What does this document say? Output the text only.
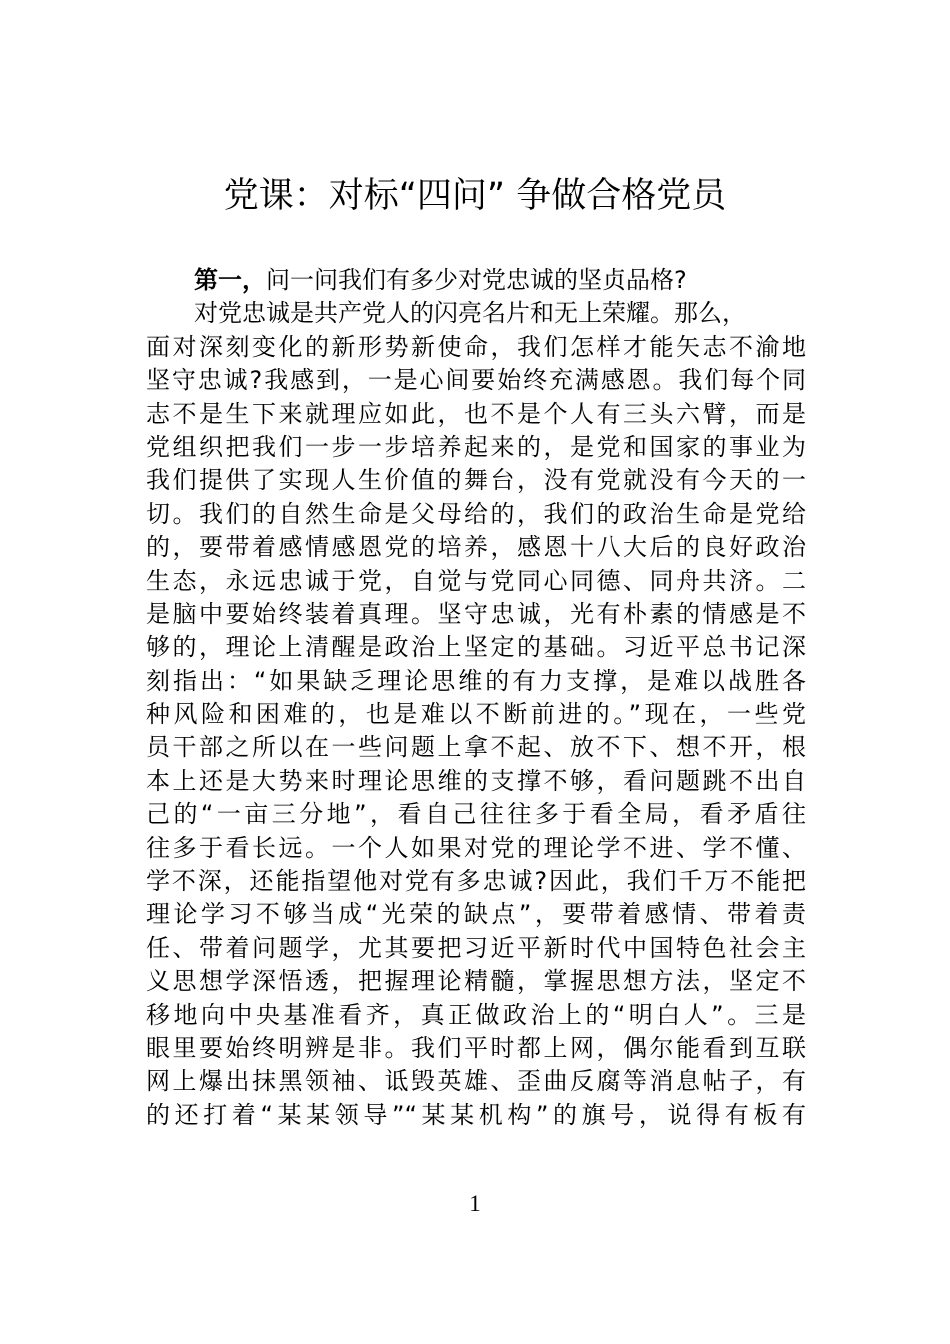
党课：对标“四问” 争做合格党员
第一，问一问我们有多少对党忠诚的坚贞品格?
对党忠诚是共产党人的闪亮名片和无上荣耀。那么，
面对深刻变化的新形势新使命，我们怎样才能矢志不渝地
坚守忠诚?我感到，一是心间要始终充满感恩。我们每个同
志不是生下来就理应如此，也不是个人有三头六臂，而是
党组织把我们一步一步培养起来的，是党和国家的事业为
我们提供了实现人生价值的舞台，没有党就没有今天的一
切。我们的自然生命是父母给的，我们的政治生命是党给
的，要带着感情感恩党的培养，感恩十八大后的良好政治
生态，永远忠诚于党，自觉与党同心同德、同舟共济。二
是脑中要始终装着真理。坚守忠诚，光有朴素的情感是不
够的，理论上清醒是政治上坚定的基础。习近平总书记深
刻指出：“如果缺乏理论思维的有力支撑，是难以战胜各
种风险和困难的，也是难以不断前进的。”现在，一些党
员干部之所以在一些问题上拿不起、放不下、想不开，根
本上还是大势来时理论思维的支撑不够，看问题跳不出自
己的“一亩三分地”，看自己往往多于看全局，看矛盾往
往多于看长远。一个人如果对党的理论学不进、学不懂、
学不深，还能指望他对党有多忠诚?因此，我们千万不能把
理论学习不够当成“光荣的缺点”，要带着感情、带着责
任、带着问题学，尤其要把习近平新时代中国特色社会主
义思想学深悟透，把握理论精髓，掌握思想方法，坚定不
移地向中央基准看齐，真正做政治上的“明白人”。三是
眼里要始终明辨是非。我们平时都上网，偶尔能看到互联
网上爆出抹黑领袖、诋毁英雄、歪曲反腐等消息帖子，有
的还打着“某某领导”“某某机构”的旗号，说得有板有
1
